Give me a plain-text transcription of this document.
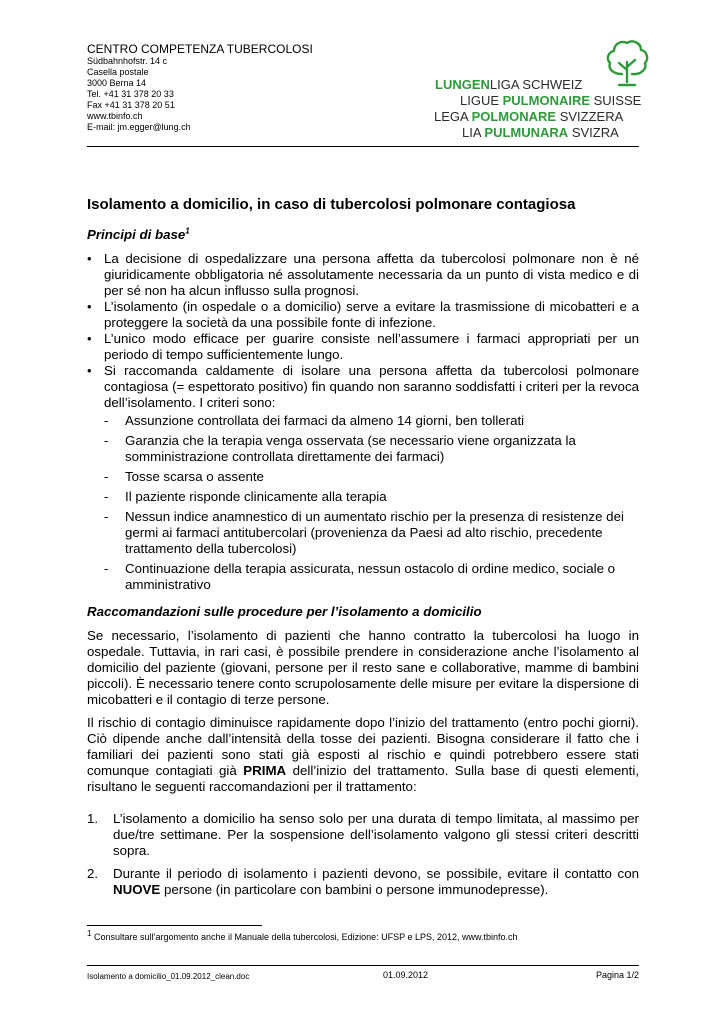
CENTRO COMPETENZA TUBERCOLOSI
Südbahnhofstr. 14 c
Casella postale
3000 Berna 14
Tel. +41 31 378 20 33
Fax +41 31 378 20 51
www.tbinfo.ch
E-mail: jm.egger@lung.ch
LUNGENLIGA SCHWEIZ
LIGUE PULMONAIRE SUISSE
LEGA POLMONARE SVIZZERA
LIA PULMUNARA SVIZRA
Isolamento a domicilio, in caso di tubercolosi polmonare contagiosa
Principi di base$^1$
• La decisione di ospedalizzare una persona affetta da tubercolosi polmonare non è né giuridicamente obbligatoria né assolutamente necessaria da un punto di vista medico e di per sé non ha alcun influsso sulla prognosi.
• L’isolamento (in ospedale o a domicilio) serve a evitare la trasmissione di micobatteri e a proteggere la società da una possibile fonte di infezione.
• L’unico modo efficace per guarire consiste nell’assumere i farmaci appropriati per un periodo di tempo sufficientemente lungo.
• Si raccomanda caldamente di isolare una persona affetta da tubercolosi polmonare contagiosa (= espettorato positivo) fin quando non saranno soddisfatti i criteri per la revoca dell’isolamento. I criteri sono:
- Assunzione controllata dei farmaci da almeno 14 giorni, ben tollerati
- Garanzia che la terapia venga osservata (se necessario viene organizzata la somministrazione controllata direttamente dei farmaci)
- Tosse scarsa o assente
- Il paziente risponde clinicamente alla terapia
- Nessun indice anamnestico di un aumentato rischio per la presenza di resistenze dei germi ai farmaci antitubercolari (provenienza da Paesi ad alto rischio, precedente trattamento della tubercolosi)
- Continuazione della terapia assicurata, nessun ostacolo di ordine medico, sociale o amministrativo
Raccomandazioni sulle procedure per l’isolamento a domicilio

Se necessario, l’isolamento di pazienti che hanno contratto la tubercolosi ha luogo in ospedale. Tuttavia, in rari casi, è possibile prendere in considerazione anche l’isolamento al domicilio del paziente (giovani, persone per il resto sane e collaborative, mamme di bambini piccoli). È necessario tenere conto scrupolosamente delle misure per evitare la dispersione di micobatteri e il contagio di terze persone.

Il rischio di contagio diminuisce rapidamente dopo l’inizio del trattamento (entro pochi giorni). Ciò dipende anche dall’intensità della tosse dei pazienti. Bisogna considerare il fatto che i familiari dei pazienti sono stati già esposti al rischio e quindi potrebbero essere stati comunque contagiati già PRIMA dell’inizio del trattamento. Sulla base di questi elementi, risultano le seguenti raccomandazioni per il trattamento:

1. L’isolamento a domicilio ha senso solo per una durata di tempo limitata, al massimo per due/tre settimane. Per la sospensione dell’isolamento valgono gli stessi criteri descritti sopra.
2. Durante il periodo di isolamento i pazienti devono, se possibile, evitare il contatto con NUOVE persone (in particolare con bambini o persone immunodepresse).
$^1$ Consultare sull’argomento anche il Manuale della tubercolosi, Edizione: UFSP e LPS, 2012, www.tbinfo.ch
Isolamento a domicilio_01.09.2012_clean.doc	01.09.2012	Pagina 1/2
